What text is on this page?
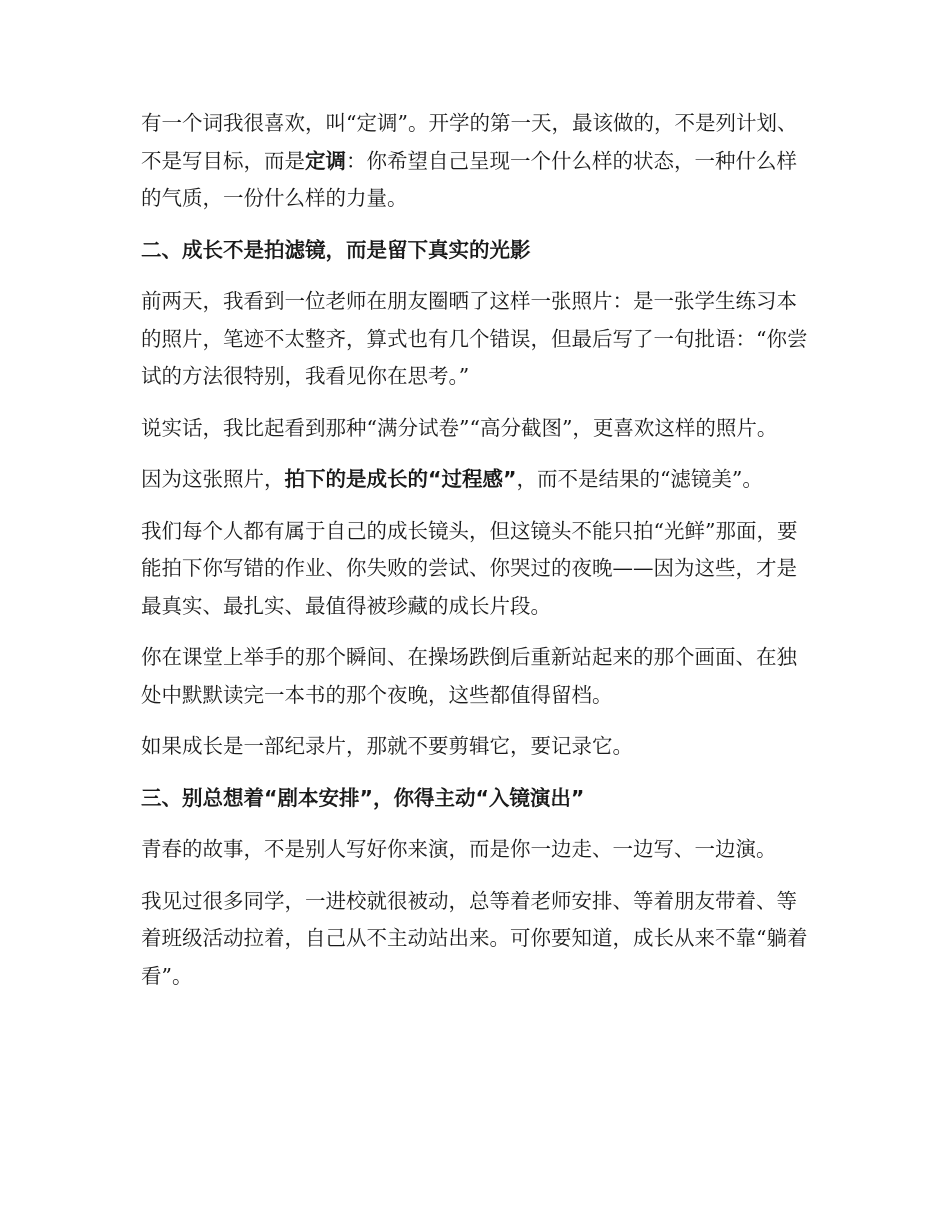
有一个词我很喜欢，叫“定调”。开学的第一天，最该做的，不是列计划、不是写目标，而是定调：你希望自己呈现一个什么样的状态，一种什么样的气质，一份什么样的力量。

二、成长不是拍滤镜，而是留下真实的光影

前两天，我看到一位老师在朋友圈晒了这样一张照片：是一张学生练习本的照片，笔迹不太整齐，算式也有几个错误，但最后写了一句批语：“你尝试的方法很特别，我看见你在思考。”

说实话，我比起看到那种“满分试卷”“高分截图”，更喜欢这样的照片。

因为这张照片，拍下的是成长的“过程感”，而不是结果的“滤镜美”。

我们每个人都有属于自己的成长镜头，但这镜头不能只拍“光鲜”那面，要能拍下你写错的作业、你失败的尝试、你哭过的夜晚——因为这些，才是最真实、最扎实、最值得被珍藏的成长片段。

你在课堂上举手的那个瞬间、在操场跌倒后重新站起来的那个画面、在独处中默默读完一本书的那个夜晚，这些都值得留档。

如果成长是一部纪录片，那就不要剪辑它，要记录它。

三、别总想着“剧本安排”，你得主动“入镜演出”

青春的故事，不是别人写好你来演，而是你一边走、一边写、一边演。

我见过很多同学，一进校就很被动，总等着老师安排、等着朋友带着、等着班级活动拉着，自己从不主动站出来。可你要知道，成长从来不靠“躺着看”。
